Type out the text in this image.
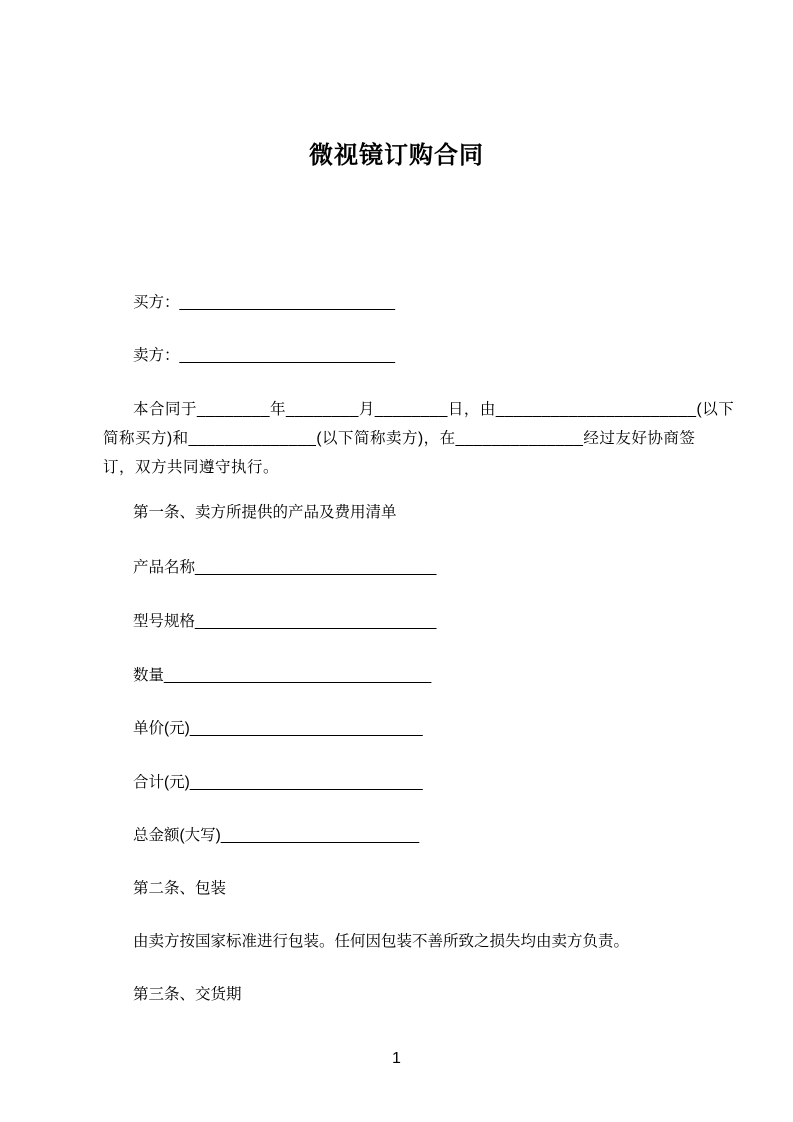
微视镜订购合同
买方：_________________________
卖方：_________________________
本合同于________年________月________日，由______________________(以下
简称买方)和______________(以下简称卖方)，在______________经过友好协商签
订，双方共同遵守执行。
第一条、卖方所提供的产品及费用清单
产品名称____________________________
型号规格____________________________
数量_______________________________
单价(元)___________________________
合计(元)___________________________
总金额(大写)_______________________
第二条、包装
由卖方按国家标准进行包装。任何因包装不善所致之损失均由卖方负责。
第三条、交货期
1
